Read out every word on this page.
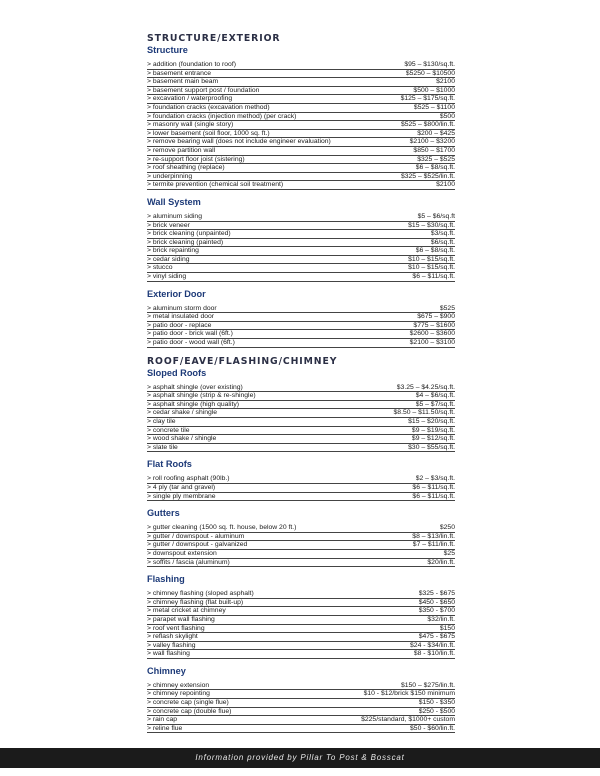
STRUCTURE/EXTERIOR
Structure
> addition (foundation to roof)	$95 – $130/sq.ft.
> basement entrance	$5250 – $10500
> basement main beam	$2100
> basement support post / foundation	$500 – $1000
> excavation / waterproofing	$125 – $175/sq.ft.
> foundation cracks (excavation method)	$525 – $1100
> foundation cracks (injection method) (per crack)	$500
> masonry wall (single story)	$525 – $800/lin.ft.
> lower basement (soil floor, 1000 sq. ft.)	$200 – $425
> remove bearing wall (does not include engineer evaluation)	$2100 – $3200
> remove partition wall	$850 – $1700
> re-support floor joist (sistering)	$325 – $525
> roof sheathing (replace)	$6 – $8/sq.ft.
> underpinning	$325 – $525/lin.ft.
> termite prevention (chemical soil treatment)	$2100
Wall System
> aluminum siding	$5 – $6/sq.ft
> brick veneer	$15 – $30/sq.ft.
> brick cleaning (unpainted)	$3/sq.ft.
> brick cleaning (painted)	$6/sq.ft.
> brick repainting	$6 – $8/sq.ft.
> cedar siding	$10 – $15/sq.ft.
> stucco	$10 – $15/sq.ft.
> vinyl siding	$6 – $11/sq.ft.
Exterior Door
> aluminum storm door	$525
> metal insulated door	$675 – $900
> patio door - replace	$775 – $1600
> patio door - brick wall (6ft.)	$2600 – $3600
> patio door - wood wall (6ft.)	$2100 – $3100
ROOF/EAVE/FLASHING/CHIMNEY
Sloped Roofs
> asphalt shingle (over existing)	$3.25 – $4.25/sq.ft.
> asphalt shingle (strip & re-shingle)	$4 – $6/sq.ft.
> asphalt shingle (high quality)	$5 – $7/sq.ft.
> cedar shake / shingle	$8.50 – $11.50/sq.ft.
> clay tile	$15 – $20/sq.ft.
> concrete tile	$9 – $19/sq.ft.
> wood shake / shingle	$9 – $12/sq.ft.
> slate tile	$30 – $55/sq.ft.
Flat Roofs
> roll roofing asphalt (90lb.)	$2 – $3/sq.ft.
> 4 ply (tar and gravel)	$6 – $11/sq.ft.
> single ply membrane	$6 – $11/sq.ft.
Gutters
> gutter cleaning (1500 sq. ft. house, below 20 ft.)	$250
> gutter / downspout - aluminum	$8 – $13/lin.ft.
> gutter / downspout - galvanized	$7 – $11/lin.ft.
> downspout extension	$25
> soffits / fascia (aluminum)	$20/lin.ft.
Flashing
> chimney flashing (sloped asphalt)	$325 - $675
> chimney flashing (flat built-up)	$450 - $650
> metal cricket at chimney	$350 - $700
> parapet wall flashing	$32/lin.ft.
> roof vent flashing	$150
> reflash skylight	$475 - $675
> valley flashing	$24 - $34/lin.ft.
> wall flashing	$8 - $10/lin.ft.
Chimney
> chimney extension	$150 – $275/lin.ft.
> chimney repointing	$10 - $12/brick $150 minimum
> concrete cap (single flue)	$150 - $350
> concrete cap (double flue)	$250 - $500
> rain cap	$225/standard, $1000+ custom
> reline flue	$50 - $60/lin.ft.
Information provided by Pillar To Post & Bosscat
